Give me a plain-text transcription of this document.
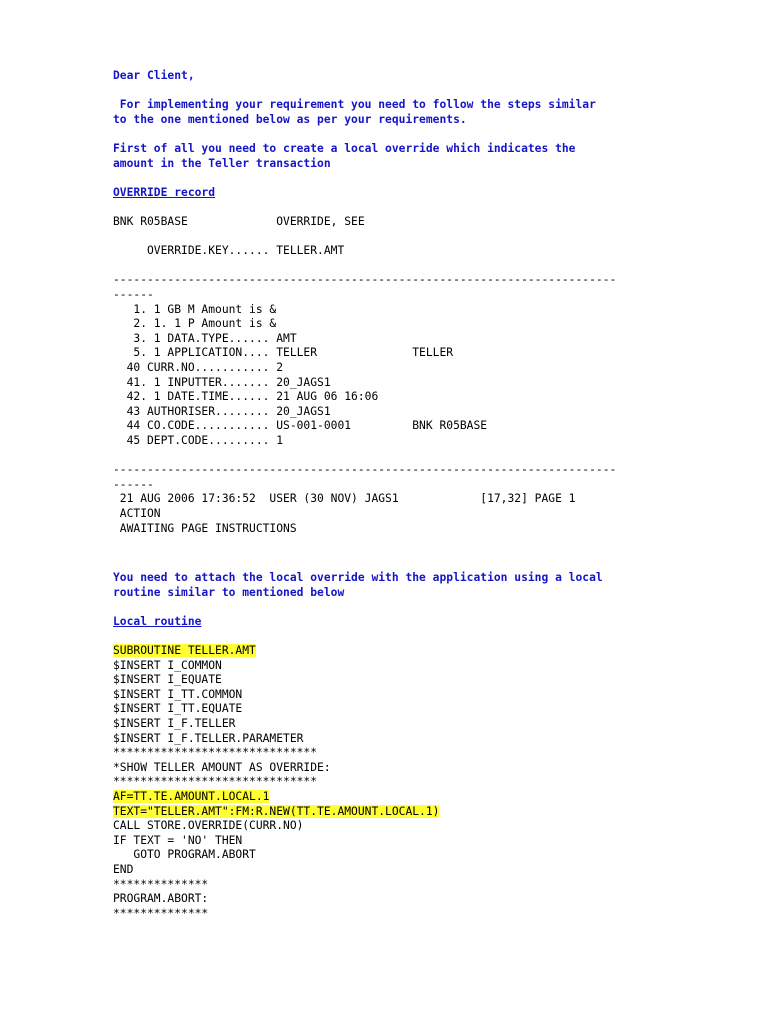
Dear Client,
For implementing your requirement you need to follow the steps similar
to the one mentioned below as per your requirements.
First of all you need to create a local override which indicates the
amount in the Teller transaction
OVERRIDE record
BNK R05BASE             OVERRIDE, SEE
OVERRIDE.KEY...... TELLER.AMT
--------------------------------------------------------------------------
------
1. 1 GB M Amount is &
2. 1. 1 P Amount is &
3. 1 DATA.TYPE...... AMT
5. 1 APPLICATION.... TELLER              TELLER
40 CURR.NO........... 2
41. 1 INPUTTER....... 20_JAGS1
42. 1 DATE.TIME...... 21 AUG 06 16:06
43 AUTHORISER........ 20_JAGS1
44 CO.CODE........... US-001-0001         BNK R05BASE
45 DEPT.CODE......... 1
--------------------------------------------------------------------------
------
21 AUG 2006 17:36:52  USER (30 NOV) JAGS1            [17,32] PAGE 1
ACTION
AWAITING PAGE INSTRUCTIONS
You need to attach the local override with the application using a local
routine similar to mentioned below
Local routine
SUBROUTINE TELLER.AMT
$INSERT I_COMMON
$INSERT I_EQUATE
$INSERT I_TT.COMMON
$INSERT I_TT.EQUATE
$INSERT I_F.TELLER
$INSERT I_F.TELLER.PARAMETER
******************************
*SHOW TELLER AMOUNT AS OVERRIDE:
******************************
AF=TT.TE.AMOUNT.LOCAL.1
TEXT="TELLER.AMT":FM:R.NEW(TT.TE.AMOUNT.LOCAL.1)
CALL STORE.OVERRIDE(CURR.NO)
IF TEXT = 'NO' THEN
GOTO PROGRAM.ABORT
END
**************
PROGRAM.ABORT:
**************
